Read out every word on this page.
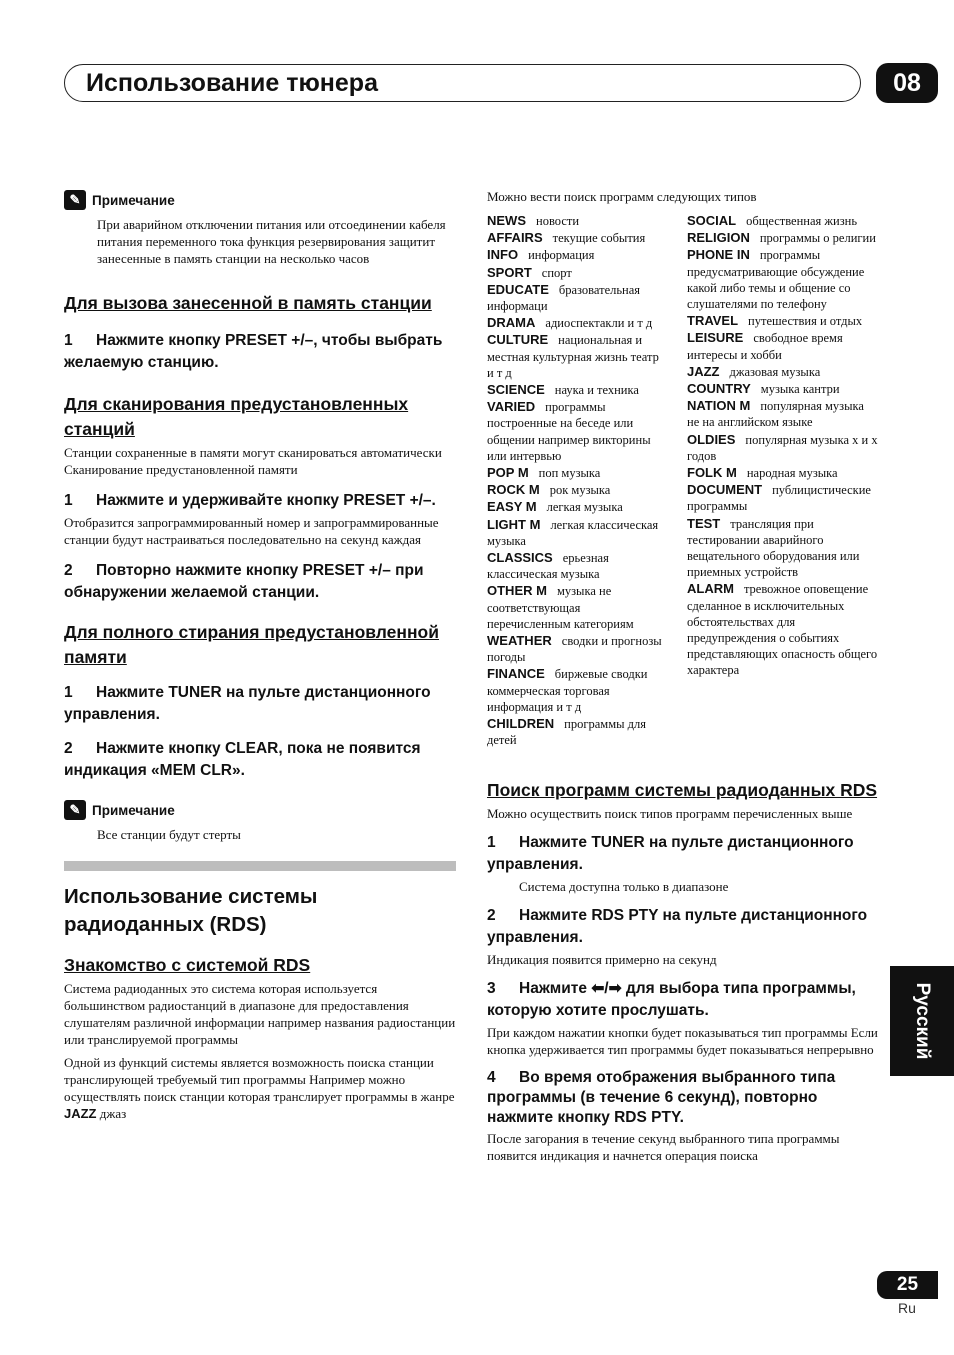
Использование тюнера	08
Русский
✎ Примечание
При аварийном отключении питания или отсоединении кабеля питания переменного тока функция резервирования защитит занесенные в память станции на несколько часов
Для вызова занесенной в память станции
1 Нажмите кнопку PRESET +/–, чтобы выбрать желаемую станцию.
Для сканирования предустановленных станций
Станции сохраненные в памяти могут сканироваться автоматически Сканирование предустановленной памяти
1 Нажмите и удерживайте кнопку PRESET +/–.
Отобразится запрограммированный номер и запрограммированные станции будут настраиваться последовательно на секунд каждая
2 Повторно нажмите кнопку PRESET +/– при обнаружении желаемой станции.
Для полного стирания предустановленной памяти
1 Нажмите TUNER на пульте дистанционного управления.
2 Нажмите кнопку CLEAR, пока не появится индикация «MEM CLR».
✎ Примечание
Все станции будут стерты
Использование системы радиоданных (RDS)
Знакомство с системой RDS
Система радиоданных это система которая используется большинством радиостанций в диапазоне для предоставления слушателям различной информации например названия радиостанции или транслируемой программы
Одной из функций системы является возможность поиска станции транслирующей требуемый тип программы Например можно осуществлять поиск станции которая транслирует программы в жанре JAZZ джаз
Можно вести поиск программ следующих типов
NEWS новости
AFFAIRS текущие события
INFO информация
SPORT спорт
EDUCATE бразовательная информаци
DRAMA адиоспектакли и т д
CULTURE национальная и местная культурная жизнь театр и т д
SCIENCE наука и техника
VARIED программы построенные на беседе или общении например викторины или интервью
POP M поп музыка
ROCK M рок музыка
EASY M легкая музыка
LIGHT M легкая классическая музыка
CLASSICS ерьезная классическая музыка
OTHER M музыка не соответствующая перечисленным категориям
WEATHER сводки и прогнозы погоды
FINANCE биржевые сводки коммерческая торговая информация и т д
CHILDREN программы для детей
SOCIAL общественная жизнь
RELIGION программы о религии
PHONE IN программы предусматривающие обсуждение какой либо темы и общение со слушателями по телефону
TRAVEL путешествия и отдых
LEISURE свободное время интересы и хобби
JAZZ джазовая музыка
COUNTRY музыка кантри
NATION M популярная музыка не на английском языке
OLDIES популярная музыка х и х годов
FOLK M народная музыка
DOCUMENT публицистические программы
TEST трансляция при тестировании аварийного вещательного оборудования или приемных устройств
ALARM тревожное оповещение сделанное в исключительных обстоятельствах для предупреждения о событиях представляющих опасность общего характера
Поиск программ системы радиоданных RDS
Можно осуществить поиск типов программ перечисленных выше
1 Нажмите TUNER на пульте дистанционного управления.
Система доступна только в диапазоне
2 Нажмите RDS PTY на пульте дистанционного управления.
Индикация появится примерно на секунд
3 Нажмите ⬅/➡ для выбора типа программы, которую хотите прослушать.
При каждом нажатии кнопки будет показываться тип программы Если кнопка удерживается тип программы будет показываться непрерывно
4 Во время отображения выбранного типа программы (в течение 6 секунд), повторно нажмите кнопку RDS PTY.
После загорания в течение секунд выбранного типа программы появится индикация и начнется операция поиска
25
Ru
